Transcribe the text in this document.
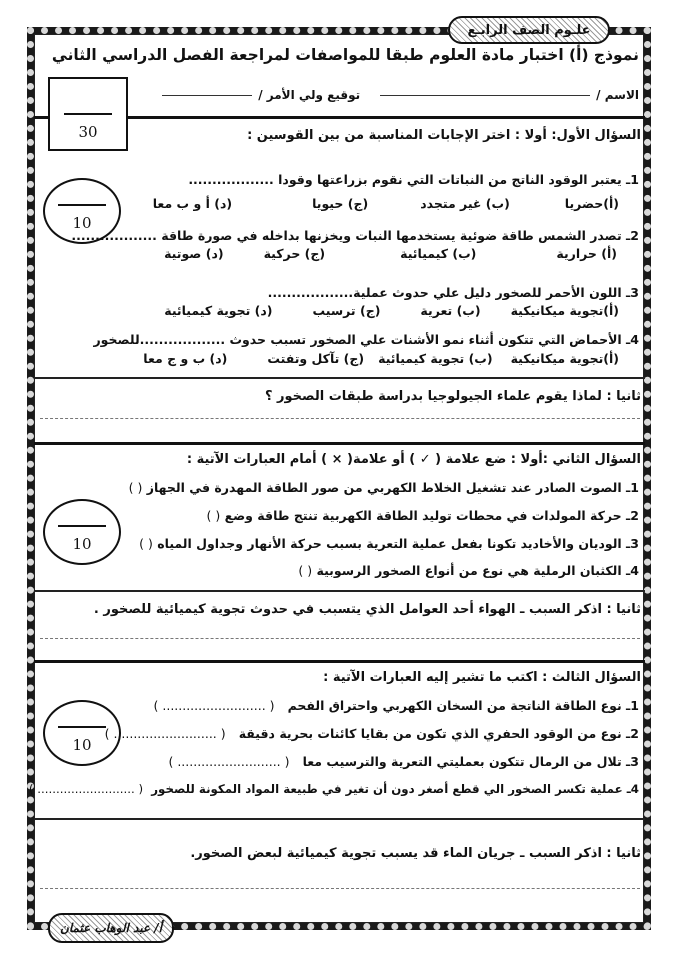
علـوم الصف الرابـع
نموذج (أ) اختبار مادة العلوم طبقا للمواصفات لمراجعة الفصل الدراسي الثاني
الاسم /
توقيع ولي الأمر /
30	السؤال الأول: أولا : اختر الإجابات المناسبة من بين القوسين :
10
1ـ يعتبر الوقود الناتج من النباتات التي نقوم بزراعتها وقودا ..................
(أ)حضريا
(ب) غير متجدد
(ج) حيويا
(د) أ و ب معا
2ـ تصدر الشمس طاقة ضوئية يستخدمها النبات ويخزنها بداخله في صورة طاقة ..................
(أ) حرارية
(ب) كيميائية
(ج) حركية
(د) صوتية
3ـ اللون الأحمر للصخور دليل علي حدوث عملية..................
(أ)تجوية ميكانيكية
(ب) تعرية
(ج) ترسيب
(د) تجوية كيميائية
4ـ الأحماض التي تتكون أثناء نمو الأشنات علي الصخور تسبب حدوث ..................للصخور
(أ)تجوية ميكانيكية
(ب) تجوية كيميائية
(ج) تآكل وتفتت
(د) ب و ج معا
ثانيا : لماذا يقوم علماء الجيولوجيا بدراسة طبقات الصخور ؟
السؤال الثاني :أولا : ضع علامة ( ✓ ) أو علامة( × ) أمام العبارات الآتية :
10
1ـ الصوت الصادر عند تشغيل الخلاط الكهربي من صور الطاقة المهدرة في الجهاز ( )
2ـ حركة المولدات في محطات توليد الطاقة الكهربية تنتج طاقة وضع ( )
3ـ الوديان والأخاديد تكونا بفعل عملية التعرية بسبب حركة الأنهار وجداول المياه ( )
4ـ الكثبان الرملية هي نوع من أنواع الصخور الرسوبية ( )
ثانيا : اذكر السبب ـ الهواء أحد العوامل الذي يتسبب في حدوث تجوية كيميائية للصخور .
السؤال الثالث : اكتب ما تشير إليه العبارات الآتية :
10
1ـ نوع الطاقة الناتجة من السخان الكهربي واحتراق الفحم   ( .......................... )
2ـ نوع من الوقود الحفري الذي تكون من بقايا كائنات بحرية دقيقة   ( .......................... )
3ـ تلال من الرمال تتكون بعمليتي التعرية والترسيب معا   ( .......................... )
4ـ عملية تكسر الصخور الي قطع أصغر دون أن تغير في طبيعة المواد المكونة للصخور  ( .......................... )
ثانيا : اذكر السبب ـ جريان الماء قد يسبب تجوية كيميائية لبعض الصخور.
أ/ عبد الوهاب عثمان
